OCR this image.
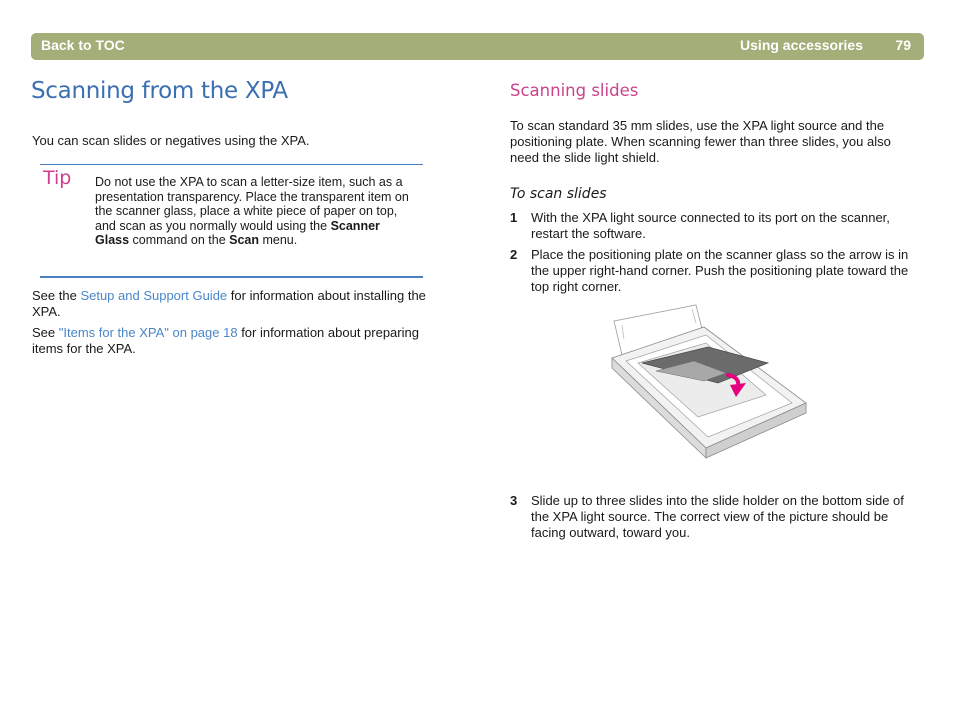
Back to TOC	Using accessories 79
Scanning from the XPA

You can scan slides or negatives using the XPA.

Tip Do not use the XPA to scan a letter-size item, such as a presentation transparency. Place the transparent item on the scanner glass, place a white piece of paper on top, and scan as you normally would using the Scanner Glass command on the Scan menu.

See the Setup and Support Guide for information about installing the XPA.

See "Items for the XPA" on page 18 for information about preparing items for the XPA.

Scanning slides

To scan standard 35 mm slides, use the XPA light source and the positioning plate. When scanning fewer than three slides, you also need the slide light shield.

To scan slides
1 With the XPA light source connected to its port on the scanner, restart the software.

2 Place the positioning plate on the scanner glass so the arrow is in the upper right-hand corner. Push the positioning plate toward the top right corner.

3 Slide up to three slides into the slide holder on the bottom side of the XPA light source. The correct view of the picture should be facing outward, toward you.
